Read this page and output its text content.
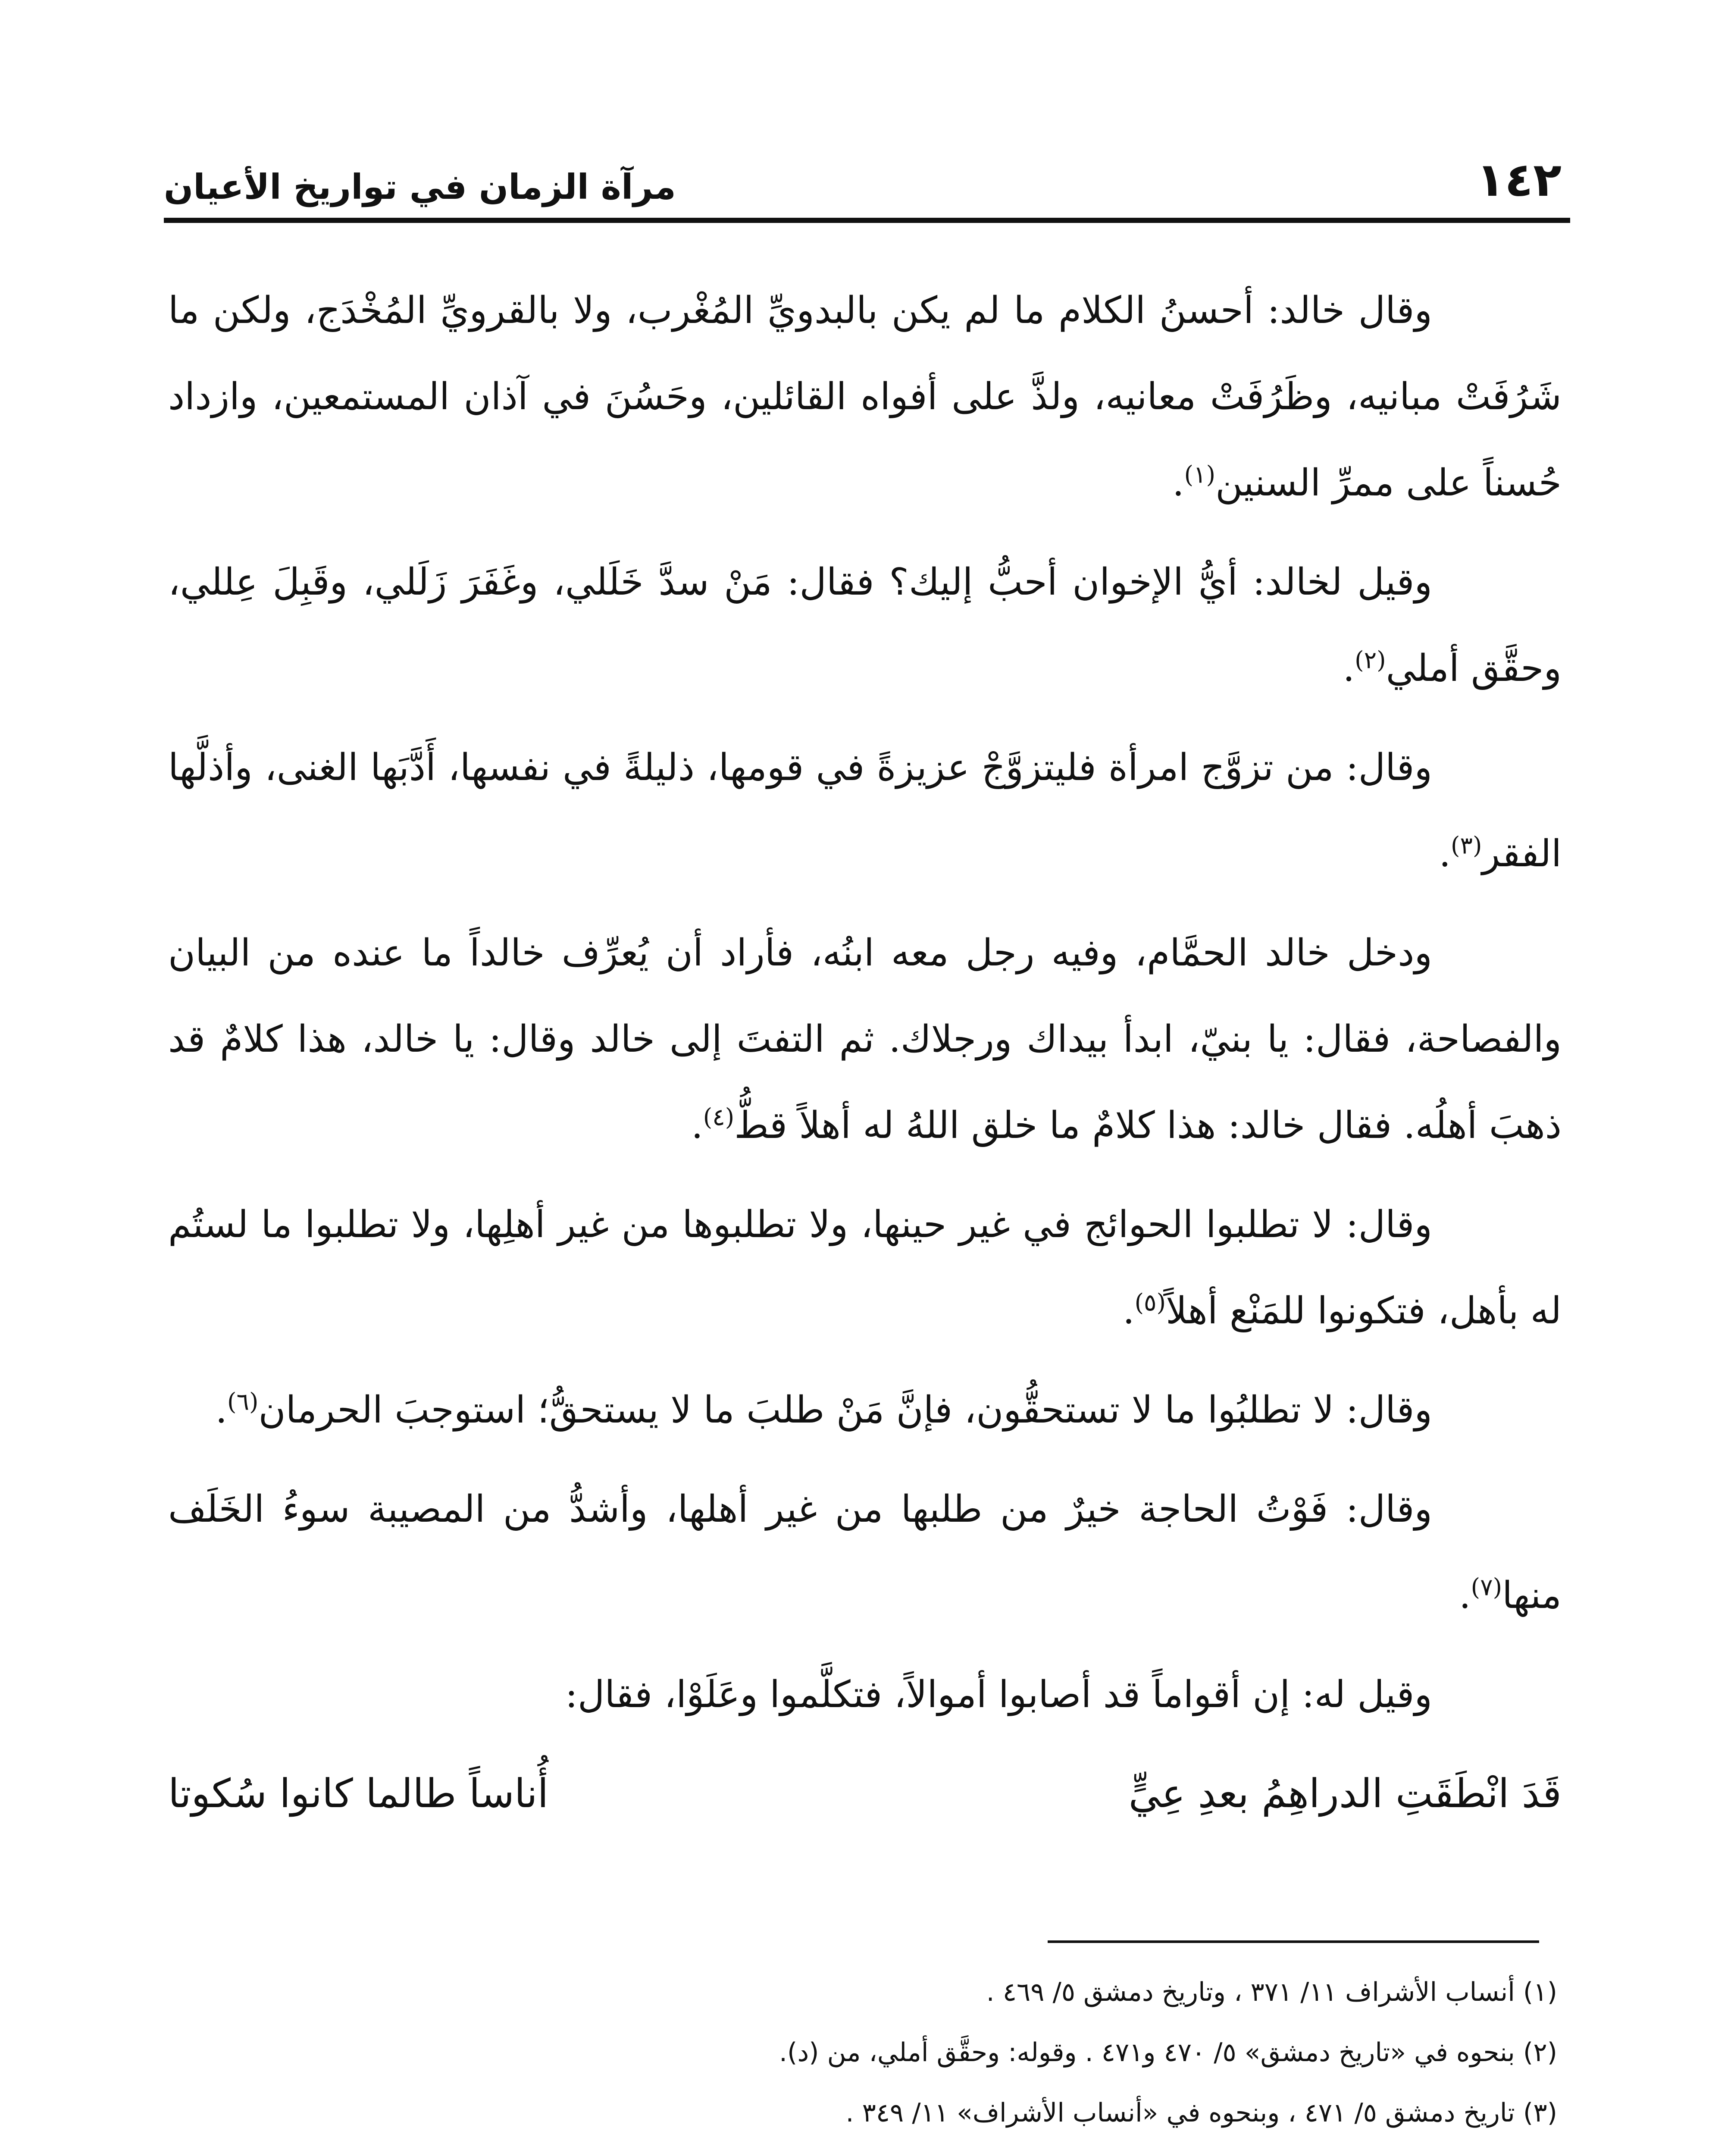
١٤٢
مرآة الزمان في تواريخ الأعيان

وقال خالد: أحسنُ الكلام ما لم يكن بالبدويِّ المُغْرب، ولا بالقرويِّ المُخْدَج، ولكن ما شَرُفَتْ مبانيه، وظَرُفَتْ معانيه، ولذَّ على أفواه القائلين، وحَسُنَ في آذان المستمعين، وازداد حُسناً على ممرِّ السنين$^{(١)}$.

وقيل لخالد: أيُّ الإخوان أحبُّ إليك؟ فقال: مَنْ سدَّ خَلَلي، وغَفَرَ زَلَلي، وقَبِلَ عِللي، وحقَّق أملي$^{(٢)}$.

وقال: من تزوَّج امرأة فليتزوَّجْ عزيزةً في قومها، ذليلةً في نفسها، أَدَّبَها الغنى، وأذلَّها الفقر$^{(٣)}$.

ودخل خالد الحمَّام، وفيه رجل معه ابنُه، فأراد أن يُعرِّف خالداً ما عنده من البيان والفصاحة، فقال: يا بنيّ، ابدأ بيداك ورجلاك. ثم التفتَ إلى خالد وقال: يا خالد، هذا كلامٌ قد ذهبَ أهلُه. فقال خالد: هذا كلامٌ ما خلق اللهُ له أهلاً قطُّ$^{(٤)}$.

وقال: لا تطلبوا الحوائج في غير حينها، ولا تطلبوها من غير أهلِها، ولا تطلبوا ما لستُم له بأهل، فتكونوا للمَنْع أهلاً$^{(٥)}$.

وقال: لا تطلبُوا ما لا تستحقُّون، فإنَّ مَنْ طلبَ ما لا يستحقُّ؛ استوجبَ الحرمان$^{(٦)}$.

وقال: فَوْتُ الحاجة خيرٌ من طلبها من غير أهلها، وأشدُّ من المصيبة سوءُ الخَلَف منها$^{(٧)}$.

وقيل له: إن أقواماً قد أصابوا أموالاً، فتكلَّموا وعَلَوْا، فقال:

قَدَ انْطَقَتِ الدراهِمُ بعدِ عِيٍّ
أُناساً طالما كانوا سُكوتا
(١) أنساب الأشراف ١١/ ٣٧١ ، وتاريخ دمشق ٥/ ٤٦٩ .
(٢) بنحوه في «تاريخ دمشق» ٥/ ٤٧٠ و٤٧١ . وقوله: وحقَّق أملي، من (د).
(٣) تاريخ دمشق ٥/ ٤٧١ ، وبنحوه في «أنساب الأشراف» ١١/ ٣٤٩ .
